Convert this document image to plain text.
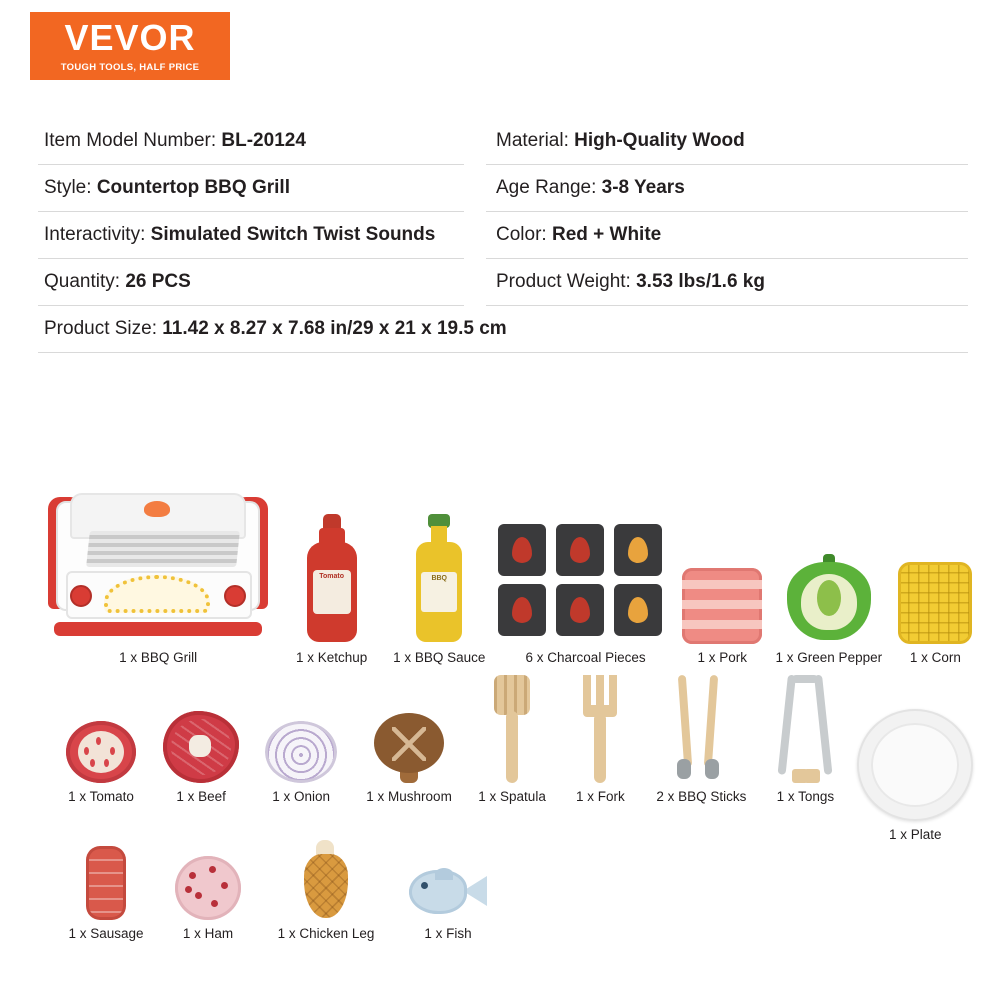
VEVOR
TOUGH TOOLS, HALF PRICE
Item Model Number: BL-20124	Material: High-Quality Wood
Style: Countertop BBQ Grill	Age Range: 3-8 Years
Interactivity: Simulated Switch Twist Sounds	Color: Red + White
Quantity: 26 PCS	Product Weight: 3.53 lbs/1.6 kg
Product Size: 11.42 x 8.27 x 7.68 in/29 x 21 x 19.5 cm
1 x BBQ Grill
Tomato
1 x Ketchup
BBQ
1 x BBQ Sauce	6 x Charcoal Pieces	1 x Pork 1 x Green Pepper 1 x Corn
1 x Tomato	1 x Beef	1 x Onion	1 x Mushroom 1 x Spatula 1 x Fork 2 x BBQ Sticks 1 x Tongs
1 x Plate
1 x Sausage	1 x Ham	1 x Chicken Leg	1 x Fish
